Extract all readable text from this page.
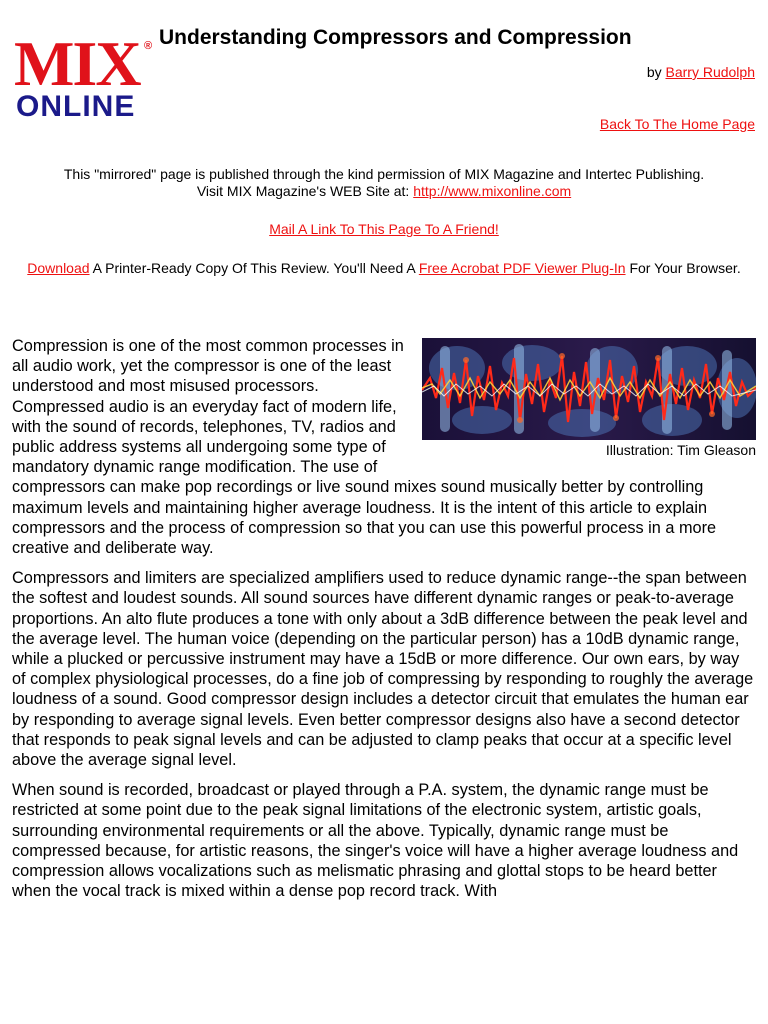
MIX ®
ONLINE
Understanding Compressors and Compression
by Barry Rudolph
Back To The Home Page
This "mirrored" page is published through the kind permission of MIX Magazine and Intertec Publishing.
Visit MIX Magazine's WEB Site at: http://www.mixonline.com
Mail A Link To This Page To A Friend!
Download A Printer-Ready Copy Of This Review. You'll Need A Free Acrobat PDF Viewer Plug-In For Your Browser.
Illustration: Tim Gleason

Compression is one of the most common processes in all audio work, yet the compressor is one of the least understood and most misused processors. Compressed audio is an everyday fact of modern life, with the sound of records, telephones, TV, radios and public address systems all undergoing some type of mandatory dynamic range modification. The use of compressors can make pop recordings or live sound mixes sound musically better by controlling maximum levels and maintaining higher average loudness. It is the intent of this article to explain compressors and the process of compression so that you can use this powerful process in a more creative and deliberate way.

Compressors and limiters are specialized amplifiers used to reduce dynamic range--the span between the softest and loudest sounds. All sound sources have different dynamic ranges or peak-to-average proportions. An alto flute produces a tone with only about a 3dB difference between the peak level and the average level. The human voice (depending on the particular person) has a 10dB dynamic range, while a plucked or percussive instrument may have a 15dB or more difference. Our own ears, by way of complex physiological processes, do a fine job of compressing by responding to roughly the average loudness of a sound. Good compressor design includes a detector circuit that emulates the human ear by responding to average signal levels. Even better compressor designs also have a second detector that responds to peak signal levels and can be adjusted to clamp peaks that occur at a specific level above the average signal level.

When sound is recorded, broadcast or played through a P.A. system, the dynamic range must be restricted at some point due to the peak signal limitations of the electronic system, artistic goals, surrounding environmental requirements or all the above. Typically, dynamic range must be compressed because, for artistic reasons, the singer's voice will have a higher average loudness and compression allows vocalizations such as melismatic phrasing and glottal stops to be heard better when the vocal track is mixed within a dense pop record track. With
